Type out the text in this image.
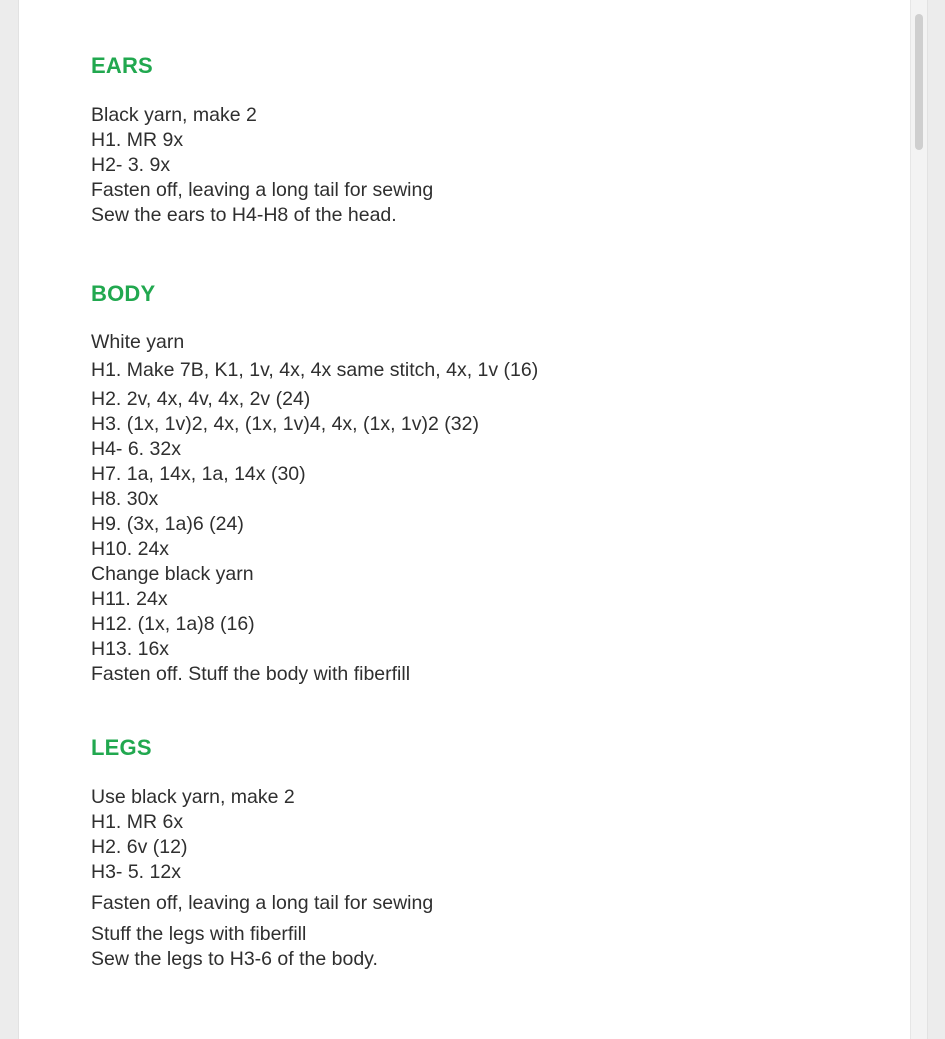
EARS
Black yarn, make 2
H1. MR 9x
H2- 3. 9x
Fasten off, leaving a long tail for sewing
Sew the ears to H4-H8 of the head.
BODY
White yarn
H1. Make 7B, K1, 1v, 4x, 4x same stitch, 4x, 1v (16)
H2. 2v, 4x, 4v, 4x, 2v (24)
H3. (1x, 1v)2, 4x, (1x, 1v)4, 4x, (1x, 1v)2 (32)
H4- 6. 32x
H7. 1a, 14x, 1a, 14x (30)
H8. 30x
H9. (3x, 1a)6 (24)
H10. 24x
Change black yarn
H11. 24x
H12. (1x, 1a)8 (16)
H13. 16x
Fasten off. Stuff the body with fiberfill
LEGS
Use black yarn, make 2
H1. MR 6x
H2. 6v (12)
H3- 5. 12x
Fasten off, leaving a long tail for sewing
Stuff the legs with fiberfill
Sew the legs to H3-6 of the body.
